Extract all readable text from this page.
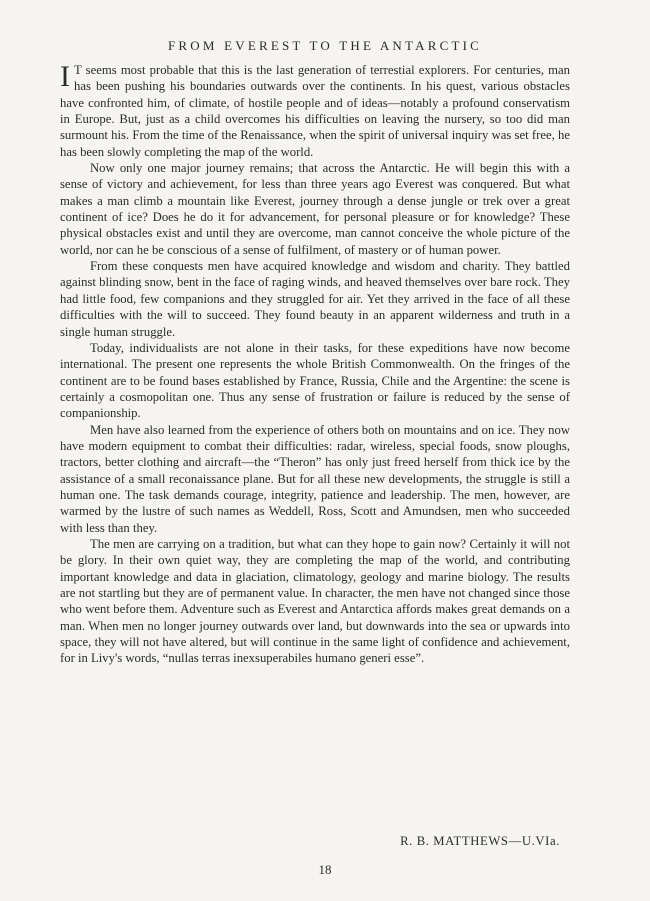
FROM EVEREST TO THE ANTARCTIC

I T seems most probable that this is the last generation of terrestial explorers. For centuries, man has been pushing his boundaries outwards over the continents. In his quest, various obstacles have confronted him, of climate, of hostile people and of ideas—notably a profound conservatism in Europe. But, just as a child overcomes his difficulties on leaving the nursery, so too did man surmount his. From the time of the Renaissance, when the spirit of universal inquiry was set free, he has been slowly completing the map of the world.

Now only one major journey remains; that across the Antarctic. He will begin this with a sense of victory and achievement, for less than three years ago Everest was conquered. But what makes a man climb a mountain like Everest, journey through a dense jungle or trek over a great continent of ice? Does he do it for advancement, for personal pleasure or for knowledge? These physical obstacles exist and until they are overcome, man cannot conceive the whole picture of the world, nor can he be conscious of a sense of fulfilment, of mastery or of human power.

From these conquests men have acquired knowledge and wisdom and charity. They battled against blinding snow, bent in the face of raging winds, and heaved themselves over bare rock. They had little food, few companions and they struggled for air. Yet they arrived in the face of all these difficulties with the will to succeed. They found beauty in an apparent wilderness and truth in a single human struggle.

Today, individualists are not alone in their tasks, for these expeditions have now become international. The present one represents the whole British Commonwealth. On the fringes of the continent are to be found bases established by France, Russia, Chile and the Argentine: the scene is certainly a cosmopolitan one. Thus any sense of frustration or failure is reduced by the sense of companionship.

Men have also learned from the experience of others both on mountains and on ice. They now have modern equipment to combat their difficulties: radar, wireless, special foods, snow ploughs, tractors, better clothing and aircraft—the “Theron” has only just freed herself from thick ice by the assistance of a small reconaissance plane. But for all these new developments, the struggle is still a human one. The task demands courage, integrity, patience and leadership. The men, however, are warmed by the lustre of such names as Weddell, Ross, Scott and Amundsen, men who succeeded with less than they.

The men are carrying on a tradition, but what can they hope to gain now? Certainly it will not be glory. In their own quiet way, they are completing the map of the world, and contributing important knowledge and data in glaciation, climatology, geology and marine biology. The results are not startling but they are of permanent value. In character, the men have not changed since those who went before them. Adventure such as Everest and Antarctica affords makes great demands on a man. When men no longer journey outwards over land, but downwards into the sea or upwards into space, they will not have altered, but will continue in the same light of confidence and achievement, for in Livy's words, “nullas terras inexsuperabiles humano generi esse”.

R. B. MATTHEWS—U.VIa.
18
